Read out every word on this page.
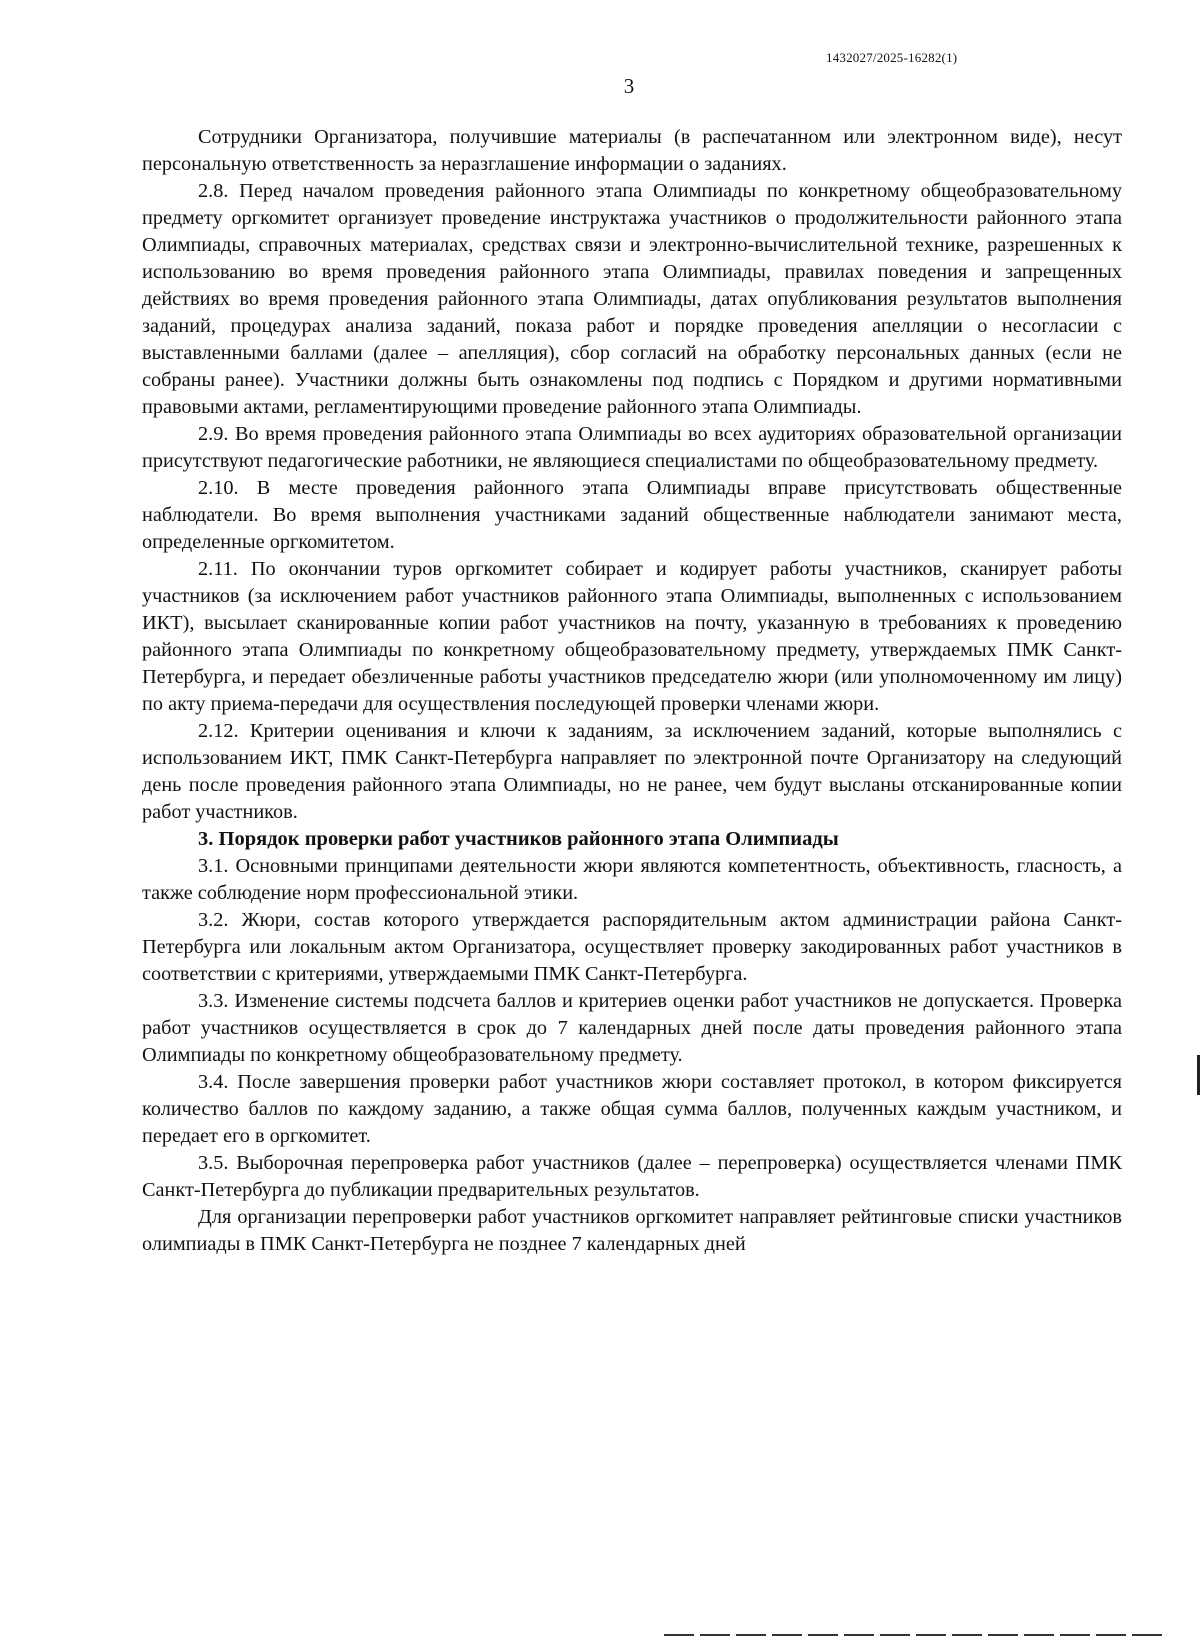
1432027/2025-16282(1)
3

Сотрудники Организатора, получившие материалы (в распечатанном или электронном виде), несут персональную ответственность за неразглашение информации о заданиях.

2.8. Перед началом проведения районного этапа Олимпиады по конкретному общеобразовательному предмету оргкомитет организует проведение инструктажа участников о продолжительности районного этапа Олимпиады, справочных материалах, средствах связи и электронно-вычислительной технике, разрешенных к использованию во время проведения районного этапа Олимпиады, правилах поведения и запрещенных действиях во время проведения районного этапа Олимпиады, датах опубликования результатов выполнения заданий, процедурах анализа заданий, показа работ и порядке проведения апелляции о несогласии с выставленными баллами (далее – апелляция), сбор согласий на обработку персональных данных (если не собраны ранее). Участники должны быть ознакомлены под подпись с Порядком и другими нормативными правовыми актами, регламентирующими проведение районного этапа Олимпиады.

2.9. Во время проведения районного этапа Олимпиады во всех аудиториях образовательной организации присутствуют педагогические работники, не являющиеся специалистами по общеобразовательному предмету.

2.10. В месте проведения районного этапа Олимпиады вправе присутствовать общественные наблюдатели. Во время выполнения участниками заданий общественные наблюдатели занимают места, определенные оргкомитетом.

2.11. По окончании туров оргкомитет собирает и кодирует работы участников, сканирует работы участников (за исключением работ участников районного этапа Олимпиады, выполненных с использованием ИКТ), высылает сканированные копии работ участников на почту, указанную в требованиях к проведению районного этапа Олимпиады по конкретному общеобразовательному предмету, утверждаемых ПМК Санкт-Петербурга, и передает обезличенные работы участников председателю жюри (или уполномоченному им лицу) по акту приема-передачи для осуществления последующей проверки членами жюри.

2.12. Критерии оценивания и ключи к заданиям, за исключением заданий, которые выполнялись с использованием ИКТ, ПМК Санкт-Петербурга направляет по электронной почте Организатору на следующий день после проведения районного этапа Олимпиады, но не ранее, чем будут высланы отсканированные копии работ участников.

3. Порядок проверки работ участников районного этапа Олимпиады

3.1. Основными принципами деятельности жюри являются компетентность, объективность, гласность, а также соблюдение норм профессиональной этики.

3.2. Жюри, состав которого утверждается распорядительным актом администрации района Санкт-Петербурга или локальным актом Организатора, осуществляет проверку закодированных работ участников в соответствии с критериями, утверждаемыми ПМК Санкт-Петербурга.

3.3. Изменение системы подсчета баллов и критериев оценки работ участников не допускается. Проверка работ участников осуществляется в срок до 7 календарных дней после даты проведения районного этапа Олимпиады по конкретному общеобразовательному предмету.

3.4. После завершения проверки работ участников жюри составляет протокол, в котором фиксируется количество баллов по каждому заданию, а также общая сумма баллов, полученных каждым участником, и передает его в оргкомитет.

3.5. Выборочная перепроверка работ участников (далее – перепроверка) осуществляется членами ПМК Санкт-Петербурга до публикации предварительных результатов.

Для организации перепроверки работ участников оргкомитет направляет рейтинговые списки участников олимпиады в ПМК Санкт-Петербурга не позднее 7 календарных дней
